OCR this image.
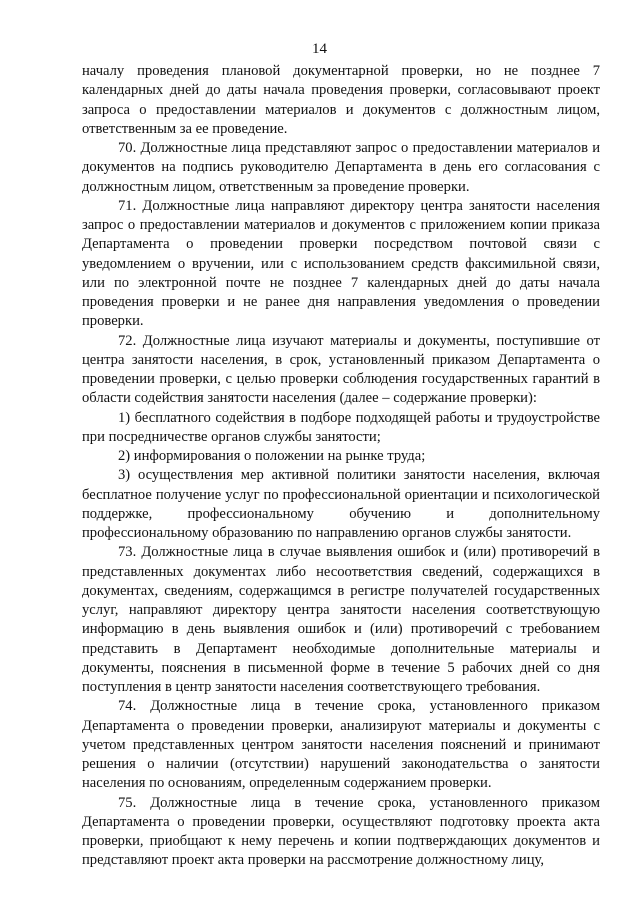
14

началу проведения плановой документарной проверки, но не позднее 7 календарных дней до даты начала проведения проверки, согласовывают проект запроса о предоставлении материалов и документов с должностным лицом, ответственным за ее проведение.

70. Должностные лица представляют запрос о предоставлении материалов и документов на подпись руководителю Департамента в день его согласования с должностным лицом, ответственным за проведение проверки.

71. Должностные лица направляют директору центра занятости населения запрос о предоставлении материалов и документов с приложением копии приказа Департамента о проведении проверки посредством почтовой связи с уведомлением о вручении, или с использованием средств факсимильной связи, или по электронной почте не позднее 7 календарных дней до даты начала проведения проверки и не ранее дня направления уведомления о проведении проверки.

72. Должностные лица изучают материалы и документы, поступившие от центра занятости населения, в срок, установленный приказом Департамента о проведении проверки, с целью проверки соблюдения государственных гарантий в области содействия занятости населения (далее – содержание проверки):

1) бесплатного содействия в подборе подходящей работы и трудоустройстве при посредничестве органов службы занятости;

2) информирования о положении на рынке труда;

3) осуществления мер активной политики занятости населения, включая бесплатное получение услуг по профессиональной ориентации и психологической поддержке, профессиональному обучению и дополнительному профессиональному образованию по направлению органов службы занятости.

73. Должностные лица в случае выявления ошибок и (или) противоречий в представленных документах либо несоответствия сведений, содержащихся в документах, сведениям, содержащимся в регистре получателей государственных услуг, направляют директору центра занятости населения соответствующую информацию в день выявления ошибок и (или) противоречий с требованием представить в Департамент необходимые дополнительные материалы и документы, пояснения в письменной форме в течение 5 рабочих дней со дня поступления в центр занятости населения соответствующего требования.

74. Должностные лица в течение срока, установленного приказом Департамента о проведении проверки, анализируют материалы и документы с учетом представленных центром занятости населения пояснений и принимают решения о наличии (отсутствии) нарушений законодательства о занятости населения по основаниям, определенным содержанием проверки.

75. Должностные лица в течение срока, установленного приказом Департамента о проведении проверки, осуществляют подготовку проекта акта проверки, приобщают к нему перечень и копии подтверждающих документов и представляют проект акта проверки на рассмотрение должностному лицу,
